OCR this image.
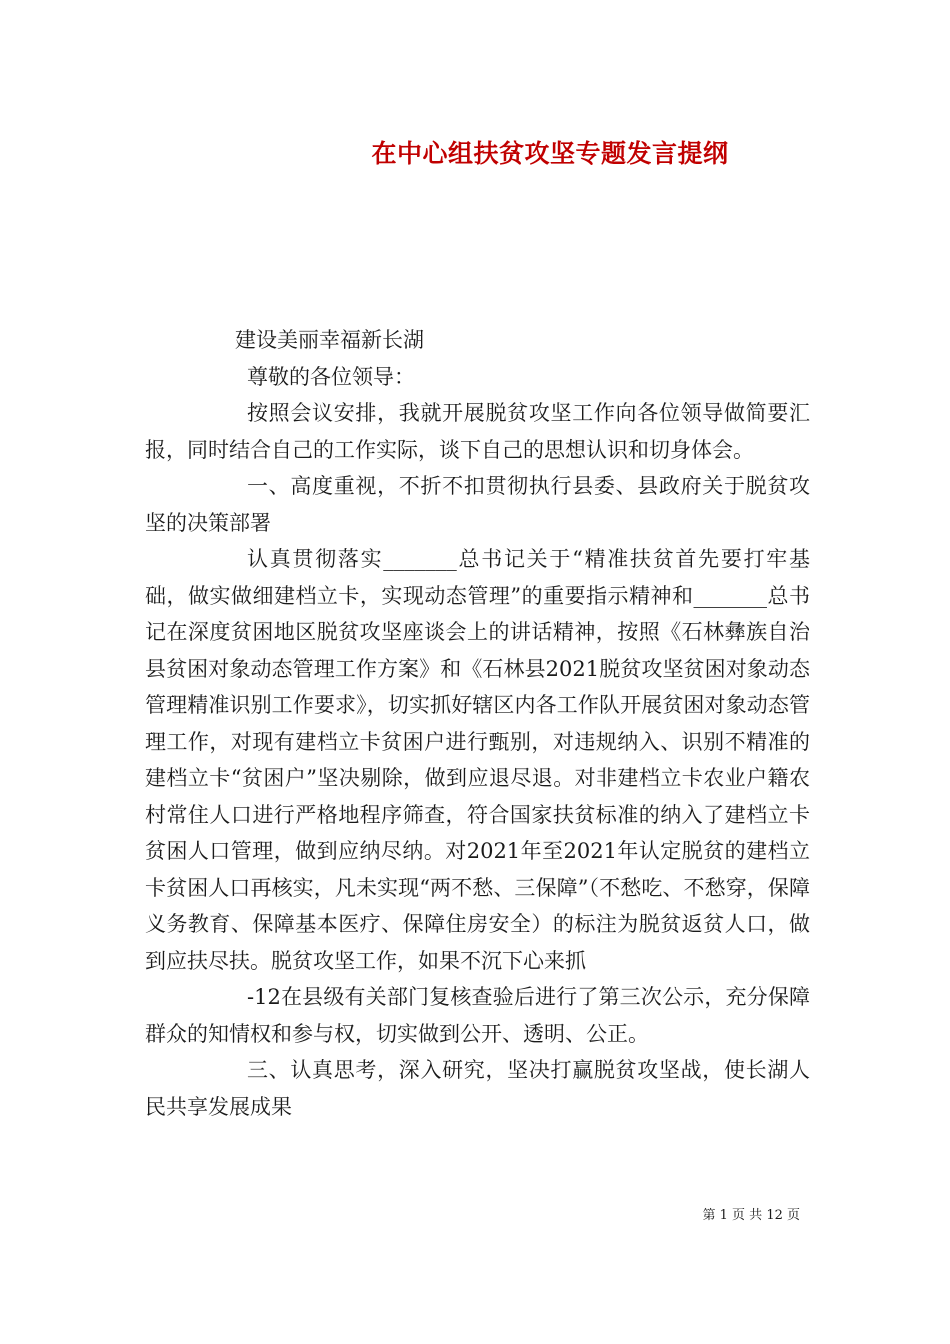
在中心组扶贫攻坚专题发言提纲

建设美丽幸福新长湖

尊敬的各位领导：

按照会议安排，我就开展脱贫攻坚工作向各位领导做简要汇报，同时结合自己的工作实际，谈下自己的思想认识和切身体会。

一、高度重视，不折不扣贯彻执行县委、县政府关于脱贫攻坚的决策部署

认真贯彻落实_______总书记关于“精准扶贫首先要打牢基础，做实做细建档立卡，实现动态管理”的重要指示精神和_______总书记在深度贫困地区脱贫攻坚座谈会上的讲话精神，按照《石林彝族自治县贫困对象动态管理工作方案》和《石林县2021脱贫攻坚贫困对象动态管理精准识别工作要求》，切实抓好辖区内各工作队开展贫困对象动态管理工作，对现有建档立卡贫困户进行甄别，对违规纳入、识别不精准的建档立卡“贫困户”坚决剔除，做到应退尽退。对非建档立卡农业户籍农村常住人口进行严格地程序筛查，符合国家扶贫标准的纳入了建档立卡贫困人口管理，做到应纳尽纳。对2021年至2021年认定脱贫的建档立卡贫困人口再核实，凡未实现“两不愁、三保障”（不愁吃、不愁穿，保障义务教育、保障基本医疗、保障住房安全）的标注为脱贫返贫人口，做到应扶尽扶。脱贫攻坚工作，如果不沉下心来抓

-12在县级有关部门复核查验后进行了第三次公示，充分保障群众的知情权和参与权，切实做到公开、透明、公正。

三、认真思考，深入研究，坚决打赢脱贫攻坚战，使长湖人民共享发展成果

第 1 页 共 12 页
